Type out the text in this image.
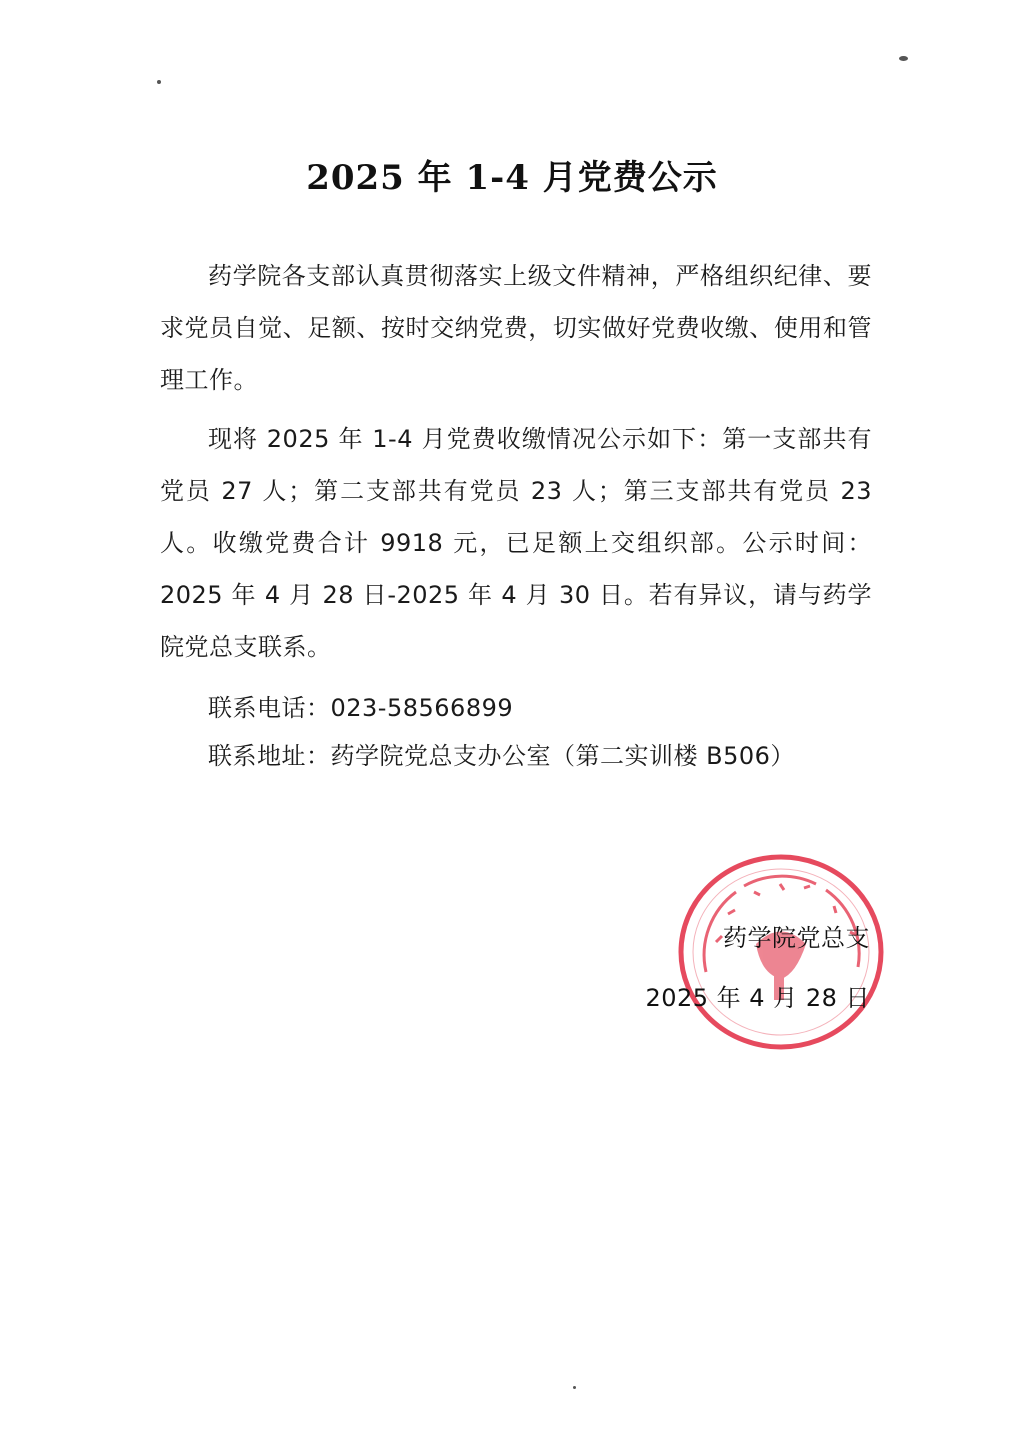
2025 年 1-4 月党费公示

药学院各支部认真贯彻落实上级文件精神，严格组织纪律、要求党员自觉、足额、按时交纳党费，切实做好党费收缴、使用和管理工作。

现将 2025 年 1-4 月党费收缴情况公示如下：第一支部共有党员 27 人；第二支部共有党员 23 人；第三支部共有党员 23 人。收缴党费合计 9918 元，已足额上交组织部。公示时间：2025 年 4 月 28 日-2025 年 4 月 30 日。若有异议，请与药学院党总支联系。

联系电话：023-58566899
联系地址：药学院党总支办公室（第二实训楼 B506）
药学院党总支
2025 年 4 月 28 日
